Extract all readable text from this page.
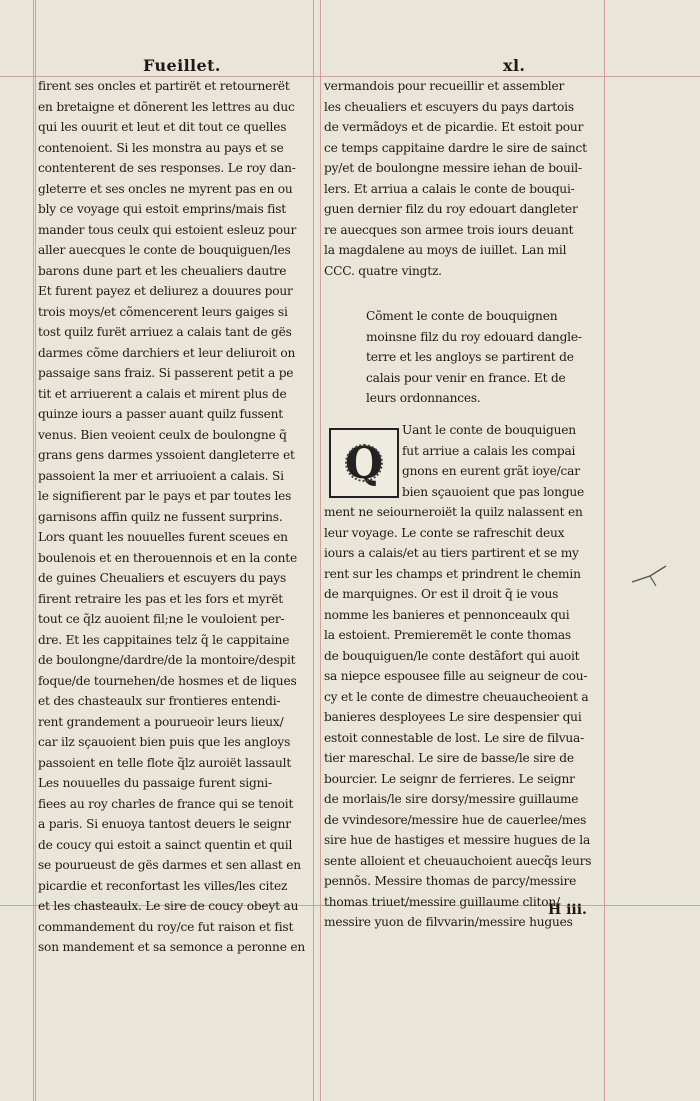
Fueillet.	xl.
firent ses oncles et partirët et retournerët
en bretaigne et dõnerent les lettres au duc
qui les ouurit et leut et dit tout ce quelles
contenoient. Si les monstra au pays et se
contenterent de ses responses. Le roy dan-
gleterre et ses oncles ne myrent pas en ou
bly ce voyage qui estoit emprins/mais fist
mander tous ceulx qui estoient esleuz pour
aller auecques le conte de bouquiguen/les
barons dune part et les cheualiers dautre
Et furent payez et deliurez a douures pour
trois moys/et cõmencerent leurs gaiges si
tost quilz furët arriuez a calais tant de gës
darmes cõme darchiers et leur deliuroit on
passaige sans fraiz. Si passerent petit a pe
tit et arriuerent a calais et mirent plus de
quinze iours a passer auant quilz fussent
venus. Bien veoient ceulx de boulongne q̃
grans gens darmes yssoient dangleterre et
passoient la mer et arriuoient a calais. Si
le signifierent par le pays et par toutes les
garnisons affin quilz ne fussent surprins.
Lors quant les nouuelles furent sceues en
boulenois et en therouennois et en la conte
de guines Cheualiers et escuyers du pays
firent retraire les pas et les fors et myrët
tout ce q̃lz auoient fil;ne le vouloient per-
dre. Et les cappitaines telz q̃ le cappitaine
de boulongne/dardre/de la montoire/despit
foque/de tournehen/de hosmes et de liques
et des chasteaulx sur frontieres entendi-
rent grandement a pourueoir leurs lieux/
car ilz sçauoient bien puis que les angloys
passoient en telle flote q̃lz auroiët lassault
Les nouuelles du passaige furent signi-
fiees au roy charles de france qui se tenoit
a paris. Si enuoya tantost deuers le seignr
de coucy qui estoit a sainct quentin et quil
se pourueust de gës darmes et sen allast en
picardie et reconfortast les villes/les citez
et les chasteaulx. Le sire de coucy obeyt au
commandement du roy/ce fut raison et fist
son mandement et sa semonce a peronne en
vermandois pour recueillir et assembler
les cheualiers et escuyers du pays dartois
de vermãdoys et de picardie. Et estoit pour
ce temps cappitaine dardre le sire de sainct
py/et de boulongne messire iehan de bouil-
lers. Et arriua a calais le conte de bouqui-
guen dernier filz du roy edouart dangleter
re auecques son armee trois iours deuant
la magdalene au moys de iuillet. Lan mil
CCC. quatre vingtz.
Cõment le conte de bouquignen
moinsne filz du roy edouard dangle-
terre et les angloys se partirent de
calais pour venir en france. Et de
leurs ordonnances.
Q
Uant le conte de bouquiguen
fut arriue a calais les compai
gnons en eurent grãt ioye/car
bien sçauoient que pas longue
ment ne seiourneroiët la quilz nalassent en
leur voyage. Le conte se rafreschit deux
iours a calais/et au tiers partirent et se my
rent sur les champs et prindrent le chemin
de marquignes. Or est il droit q̃ ie vous
nomme les banieres et pennonceaulx qui
la estoient. Premieremët le conte thomas
de bouquiguen/le conte destãfort qui auoit
sa niepce espousee fille au seigneur de cou-
cy et le conte de dimestre cheuaucheoient a
banieres desployees Le sire despensier qui
estoit connestable de lost. Le sire de filvua-
tier mareschal. Le sire de basse/le sire de
bourcier. Le seignr de ferrieres. Le seignr
de morlais/le sire dorsy/messire guillaume
de vvindesore/messire hue de cauerlee/mes
sire hue de hastiges et messire hugues de la
sente alloient et cheuauchoient auecq̃s leurs
pennõs. Messire thomas de parcy/messire
thomas triuet/messire guillaume cliton/
messire yuon de filvvarin/messire hugues
H iii.
